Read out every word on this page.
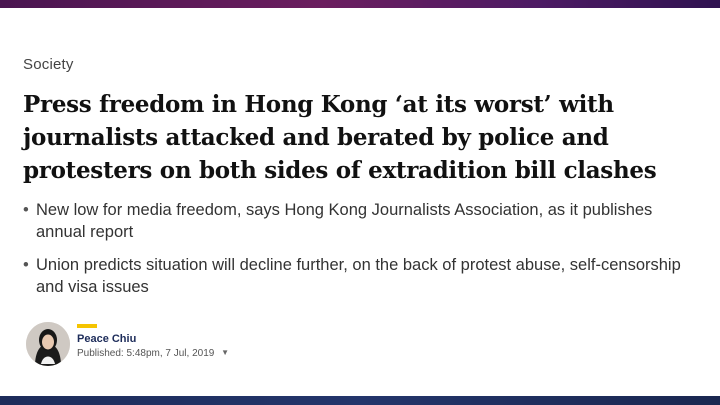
Society
Press freedom in Hong Kong ‘at its worst’ with journalists attacked and berated by police and protesters on both sides of extradition bill clashes
• New low for media freedom, says Hong Kong Journalists Association, as it publishes annual report
• Union predicts situation will decline further, on the back of protest abuse, self-censorship and visa issues
Peace Chiu
Published: 5:48pm, 7 Jul, 2019 ▼
